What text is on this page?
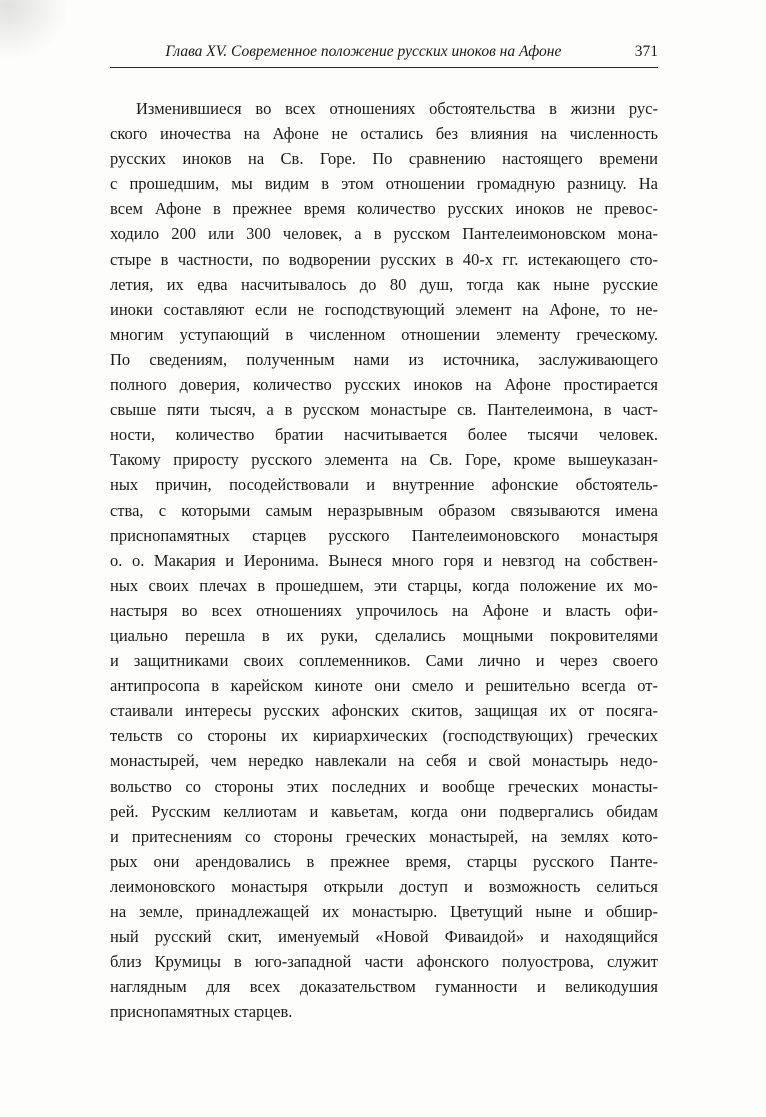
Глава XV. Современное положение русских иноков на Афоне	371
Изменившиеся во всех отношениях обстоятельства в жизни рус-
ского иночества на Афоне не остались без влияния на численность
русских иноков на Св. Горе. По сравнению настоящего времени
с прошедшим, мы видим в этом отношении громадную разницу. На
всем Афоне в прежнее время количество русских иноков не превос-
ходило 200 или 300 человек, а в русском Пантелеимоновском мона-
стыре в частности, по водворении русских в 40-х гг. истекающего сто-
летия, их едва насчитывалось до 80 душ, тогда как ныне русские
иноки составляют если не господствующий элемент на Афоне, то не-
многим уступающий в численном отношении элементу греческому.
По сведениям, полученным нами из источника, заслуживающего
полного доверия, количество русских иноков на Афоне простирается
свыше пяти тысяч, а в русском монастыре св. Пантелеимона, в част-
ности, количество братии насчитывается более тысячи человек.
Такому приросту русского элемента на Св. Горе, кроме вышеуказан-
ных причин, посодействовали и внутренние афонские обстоятель-
ства, с которыми самым неразрывным образом связываются имена
приснопамятных старцев русского Пантелеимоновского монастыря
о. о. Макария и Иеронима. Вынеся много горя и невзгод на собствен-
ных своих плечах в прошедшем, эти старцы, когда положение их мо-
настыря во всех отношениях упрочилось на Афоне и власть офи-
циально перешла в их руки, сделались мощными покровителями
и защитниками своих соплеменников. Сами лично и через своего
антипросопа в карейском киноте они смело и решительно всегда от-
стаивали интересы русских афонских скитов, защищая их от посяга-
тельств со стороны их кириархических (господствующих) греческих
монастырей, чем нередко навлекали на себя и свой монастырь недо-
вольство со стороны этих последних и вообще греческих монасты-
рей. Русским келлиотам и кавьетам, когда они подвергались обидам
и притеснениям со стороны греческих монастырей, на землях кото-
рых они арендовались в прежнее время, старцы русского Панте-
леимоновского монастыря открыли доступ и возможность селиться
на земле, принадлежащей их монастырю. Цветущий ныне и обшир-
ный русский скит, именуемый «Новой Фиваидой» и находящийся
близ Крумицы в юго-западной части афонского полуострова, служит
наглядным для всех доказательством гуманности и великодушия
приснопамятных старцев.
